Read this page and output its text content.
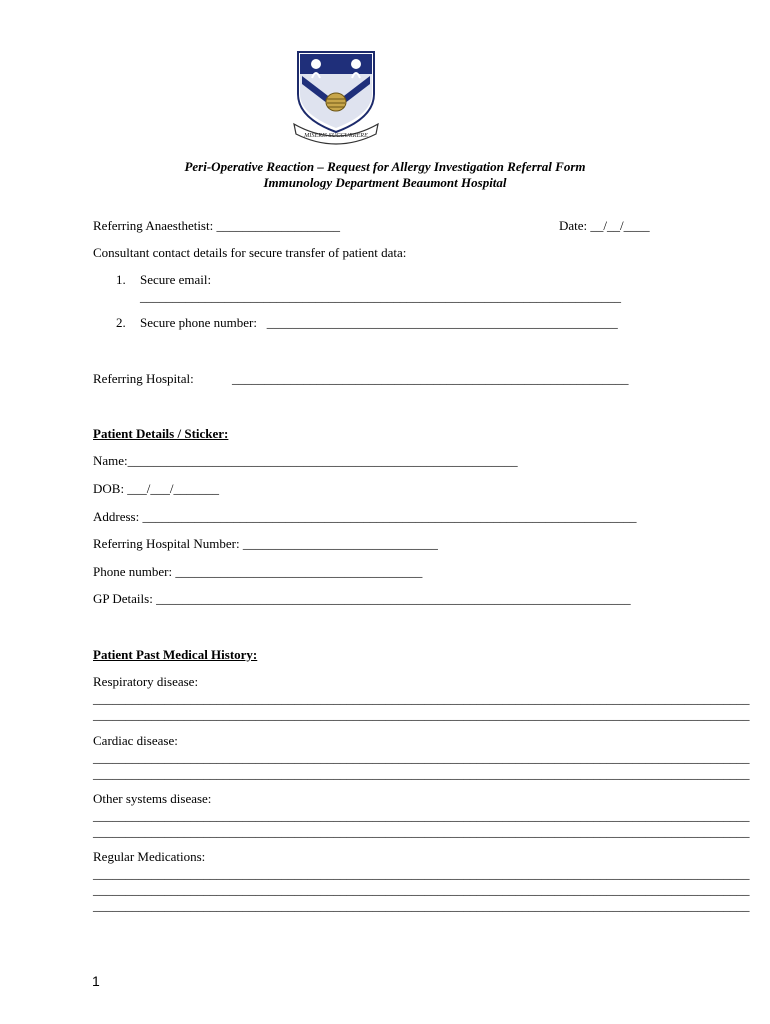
MISERIS SUCCURRERE
Peri-Operative Reaction – Request for Allergy Investigation Referral Form
Immunology Department Beaumont Hospital
Referring Anaesthetist: ___________________	Date: __/__/____
Consultant contact details for secure transfer of patient data:
1. Secure email:
__________________________________________________________________________
2. Secure phone number:   ______________________________________________________
Referring Hospital:	_____________________________________________________________
Patient Details / Sticker:
Name:____________________________________________________________
DOB: ___/___/_______
Address: ____________________________________________________________________________
Referring Hospital Number: ______________________________
Phone number: ______________________________________
GP Details: _________________________________________________________________________
Patient Past Medical History:
Respiratory disease:
_____________________________________________________________________________________________________
_____________________________________________________________________________________________________
Cardiac disease:
_____________________________________________________________________________________________________
_____________________________________________________________________________________________________
Other systems disease:
_____________________________________________________________________________________________________
_____________________________________________________________________________________________________
Regular Medications:
_____________________________________________________________________________________________________
_____________________________________________________________________________________________________
_____________________________________________________________________________________________________
1
